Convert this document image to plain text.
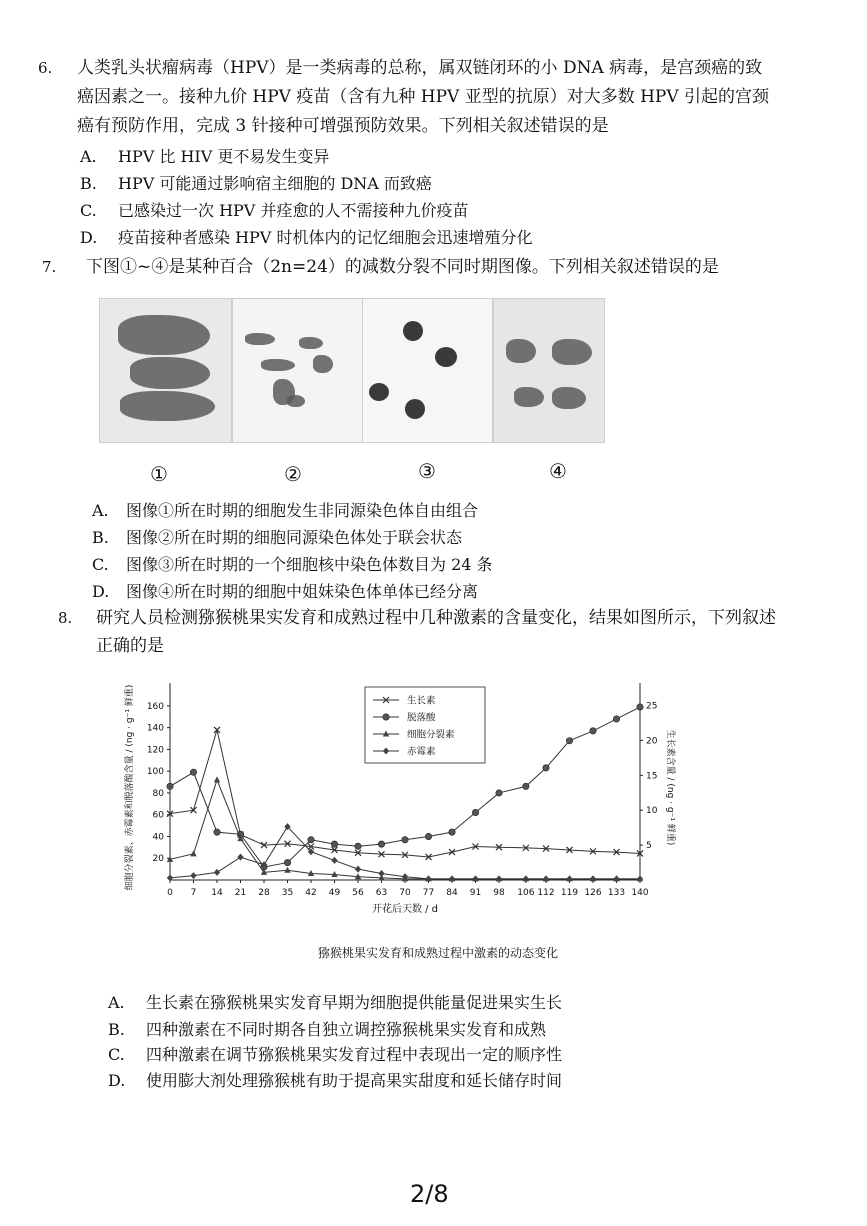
6. 人类乳头状瘤病毒（HPV）是一类病毒的总称，属双链闭环的小 DNA 病毒，是宫颈癌的致
癌因素之一。接种九价 HPV 疫苗（含有九种 HPV 亚型的抗原）对大多数 HPV 引起的宫颈
癌有预防作用，完成 3 针接种可增强预防效果。下列相关叙述错误的是
A. HPV 比 HIV 更不易发生变异
B. HPV 可能通过影响宿主细胞的 DNA 而致癌
C. 已感染过一次 HPV 并痊愈的人不需接种九价疫苗
D. 疫苗接种者感染 HPV 时机体内的记忆细胞会迅速增殖分化
7. 下图①~④是某种百合（2n=24）的减数分裂不同时期图像。下列相关叙述错误的是
①	②	③	④
A. 图像①所在时期的细胞发生非同源染色体自由组合
B. 图像②所在时期的细胞同源染色体处于联会状态
C. 图像③所在时期的一个细胞核中染色体数目为 24 条
D. 图像④所在时期的细胞中姐妹染色体单体已经分离
8. 研究人员检测猕猴桃果实发育和成熟过程中几种激素的含量变化，结果如图所示，下列叙述
正确的是
0 7 14 21 28 35 42 49 56 63 70 77 84 91 98 106 112 119 126 133 140
20
40
60
80
100
120
140
160
5
10
15
20
25
开花后天数 / d
细胞分裂素、赤霉素和脱落酸含量 / (ng · g⁻¹ 鲜重)	生长素含量 / (ng · g⁻¹ 鲜重)
生长素
脱落酸
细胞分裂素
赤霉素
猕猴桃果实发育和成熟过程中激素的动态变化
A. 生长素在猕猴桃果实发育早期为细胞提供能量促进果实生长
B. 四种激素在不同时期各自独立调控猕猴桃果实发育和成熟
C. 四种激素在调节猕猴桃果实发育过程中表现出一定的顺序性
D. 使用膨大剂处理猕猴桃有助于提高果实甜度和延长储存时间
2/8
